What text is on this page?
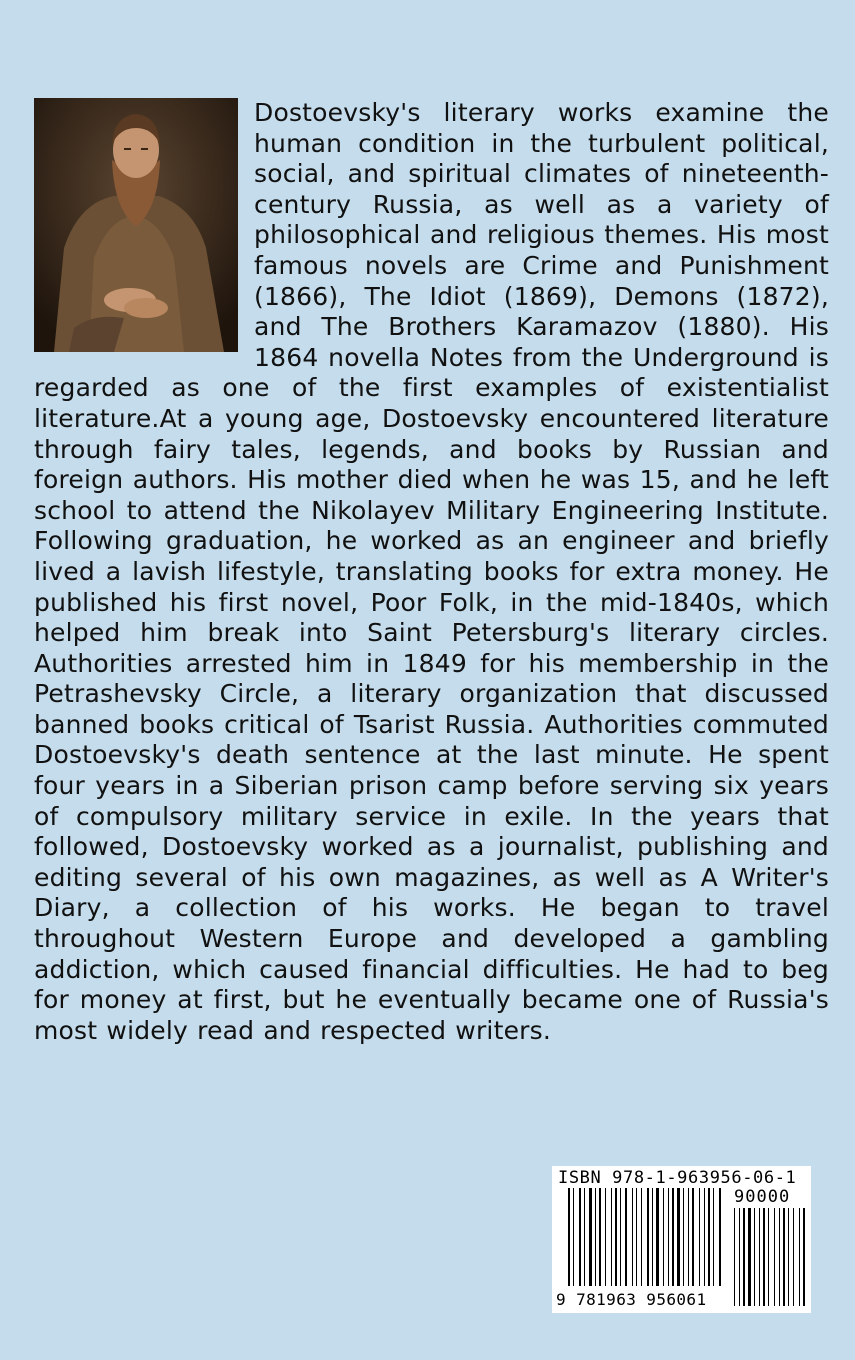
Dostoevsky's literary works examine the human condition in the turbulent political, social, and spiritual climates of nineteenth-century Russia, as well as a variety of philosophical and religious themes. His most famous novels are Crime and Punishment (1866), The Idiot (1869), Demons (1872), and The Brothers Karamazov (1880). His 1864 novella Notes from the Underground is regarded as one of the first examples of existentialist literature.At a young age, Dostoevsky encountered literature through fairy tales, legends, and books by Russian and foreign authors. His mother died when he was 15, and he left school to attend the Nikolayev Military Engineering Institute. Following graduation, he worked as an engineer and briefly lived a lavish lifestyle, translating books for extra money. He published his first novel, Poor Folk, in the mid-1840s, which helped him break into Saint Petersburg's literary circles. Authorities arrested him in 1849 for his membership in the Petrashevsky Circle, a literary organization that discussed banned books critical of Tsarist Russia. Authorities commuted Dostoevsky's death sentence at the last minute. He spent four years in a Siberian prison camp before serving six years of compulsory military service in exile. In the years that followed, Dostoevsky worked as a journalist, publishing and editing several of his own magazines, as well as A Writer's Diary, a collection of his works. He began to travel throughout Western Europe and developed a gambling addiction, which caused financial difficulties. He had to beg for money at first, but he eventually became one of Russia's most widely read and respected writers.
ISBN 978-1-963956-06-1
90000
9 781963 956061
